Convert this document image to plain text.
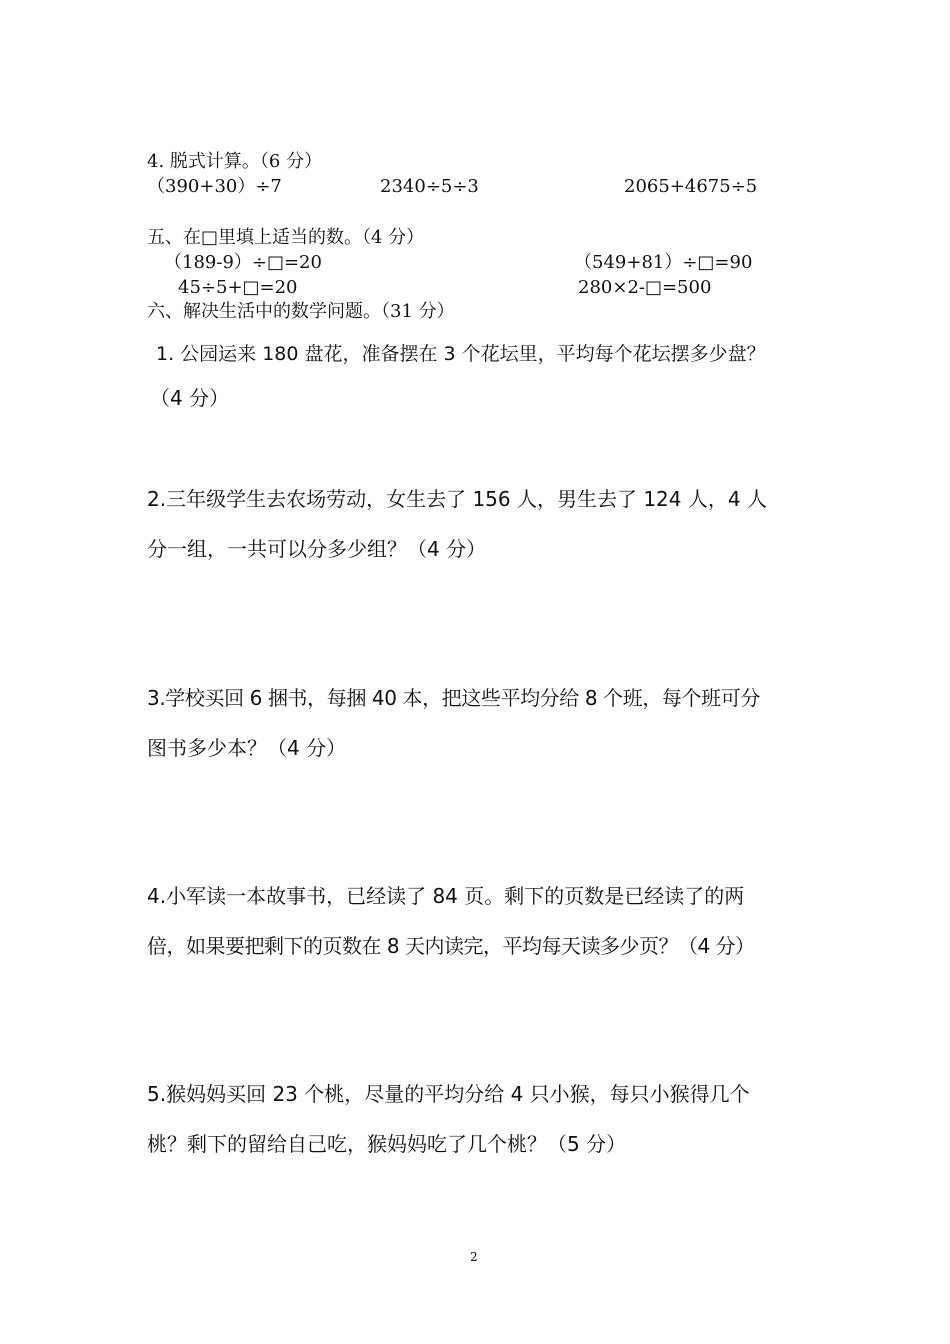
4. 脱式计算。（6 分）
（390+30）÷7	2340÷5÷3	2065+4675÷5
五、在□里填上适当的数。（4 分）
（189-9）÷□=20	（549+81）÷□=90
45÷5+□=20	280×2-□=500
六、解决生活中的数学问题。（31 分）
1. 公园运来 180 盘花，准备摆在 3 个花坛里，平均每个花坛摆多少盘？
（4 分）
2.三年级学生去农场劳动，女生去了 156 人，男生去了 124 人，4 人
分一组，一共可以分多少组？（4 分）
3.学校买回 6 捆书，每捆 40 本，把这些平均分给 8 个班，每个班可分
图书多少本？（4 分）
4.小军读一本故事书，已经读了 84 页。剩下的页数是已经读了的两
倍，如果要把剩下的页数在 8 天内读完，平均每天读多少页？（4 分）
5.猴妈妈买回 23 个桃，尽量的平均分给 4 只小猴，每只小猴得几个
桃？剩下的留给自己吃，猴妈妈吃了几个桃？（5 分）
2
